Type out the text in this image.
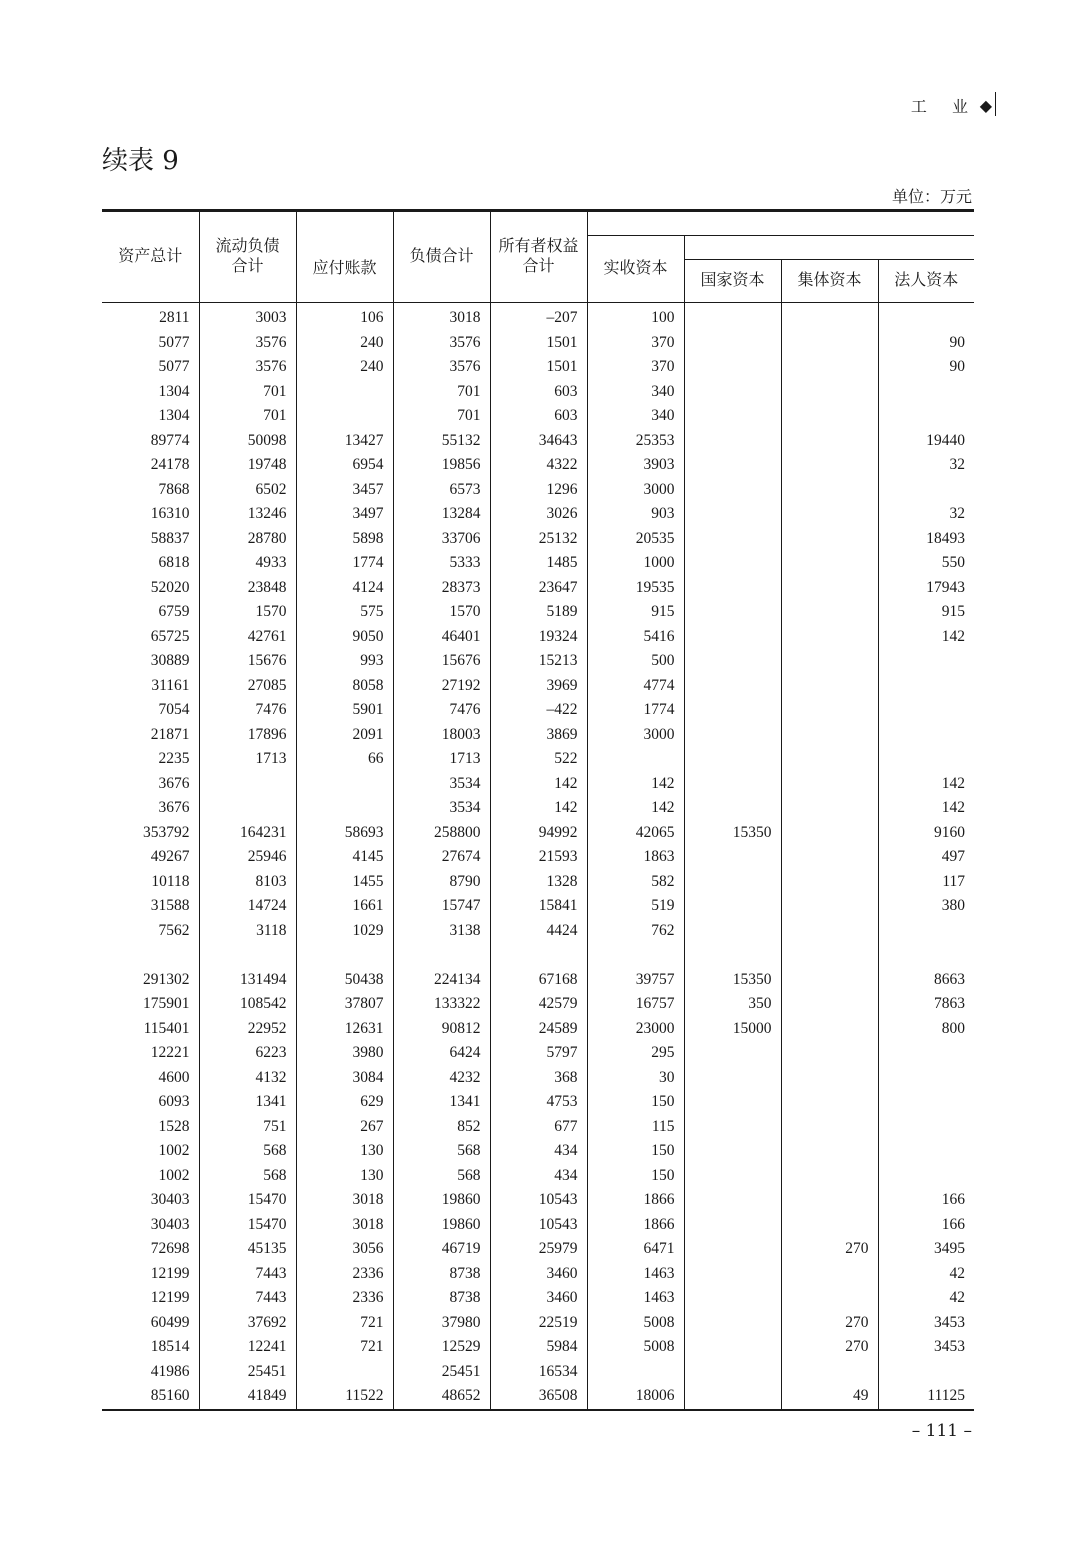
工 业 ◆
续表 9
单位：万元
资产总计	流动负债合计		负债合计	所有者权益合计				
		应付账款			实收资本			
						国家资本	集体资本	法人资本
2811	3003	106	3018	–207	100			
5077	3576	240	3576	1501	370			90
5077	3576	240	3576	1501	370			90
1304	701		701	603	340			
1304	701		701	603	340			
89774	50098	13427	55132	34643	25353			19440
24178	19748	6954	19856	4322	3903			32
7868	6502	3457	6573	1296	3000			
16310	13246	3497	13284	3026	903			32
58837	28780	5898	33706	25132	20535			18493
6818	4933	1774	5333	1485	1000			550
52020	23848	4124	28373	23647	19535			17943
6759	1570	575	1570	5189	915			915
65725	42761	9050	46401	19324	5416			142
30889	15676	993	15676	15213	500			
31161	27085	8058	27192	3969	4774			
7054	7476	5901	7476	–422	1774			
21871	17896	2091	18003	3869	3000			
2235	1713	66	1713	522				
3676			3534	142	142			142
3676			3534	142	142			142
353792	164231	58693	258800	94992	42065	15350		9160
49267	25946	4145	27674	21593	1863			497
10118	8103	1455	8790	1328	582			117
31588	14724	1661	15747	15841	519			380
7562	3118	1029	3138	4424	762			

291302	131494	50438	224134	67168	39757	15350		8663
175901	108542	37807	133322	42579	16757	350		7863
115401	22952	12631	90812	24589	23000	15000		800
12221	6223	3980	6424	5797	295			
4600	4132	3084	4232	368	30			
6093	1341	629	1341	4753	150			
1528	751	267	852	677	115			
1002	568	130	568	434	150			
1002	568	130	568	434	150			
30403	15470	3018	19860	10543	1866			166
30403	15470	3018	19860	10543	1866			166
72698	45135	3056	46719	25979	6471		270	3495
12199	7443	2336	8738	3460	1463			42
12199	7443	2336	8738	3460	1463			42
60499	37692	721	37980	22519	5008		270	3453
18514	12241	721	12529	5984	5008		270	3453
41986	25451		25451	16534				
85160	41849	11522	48652	36508	18006		49	11125
– 111 –
